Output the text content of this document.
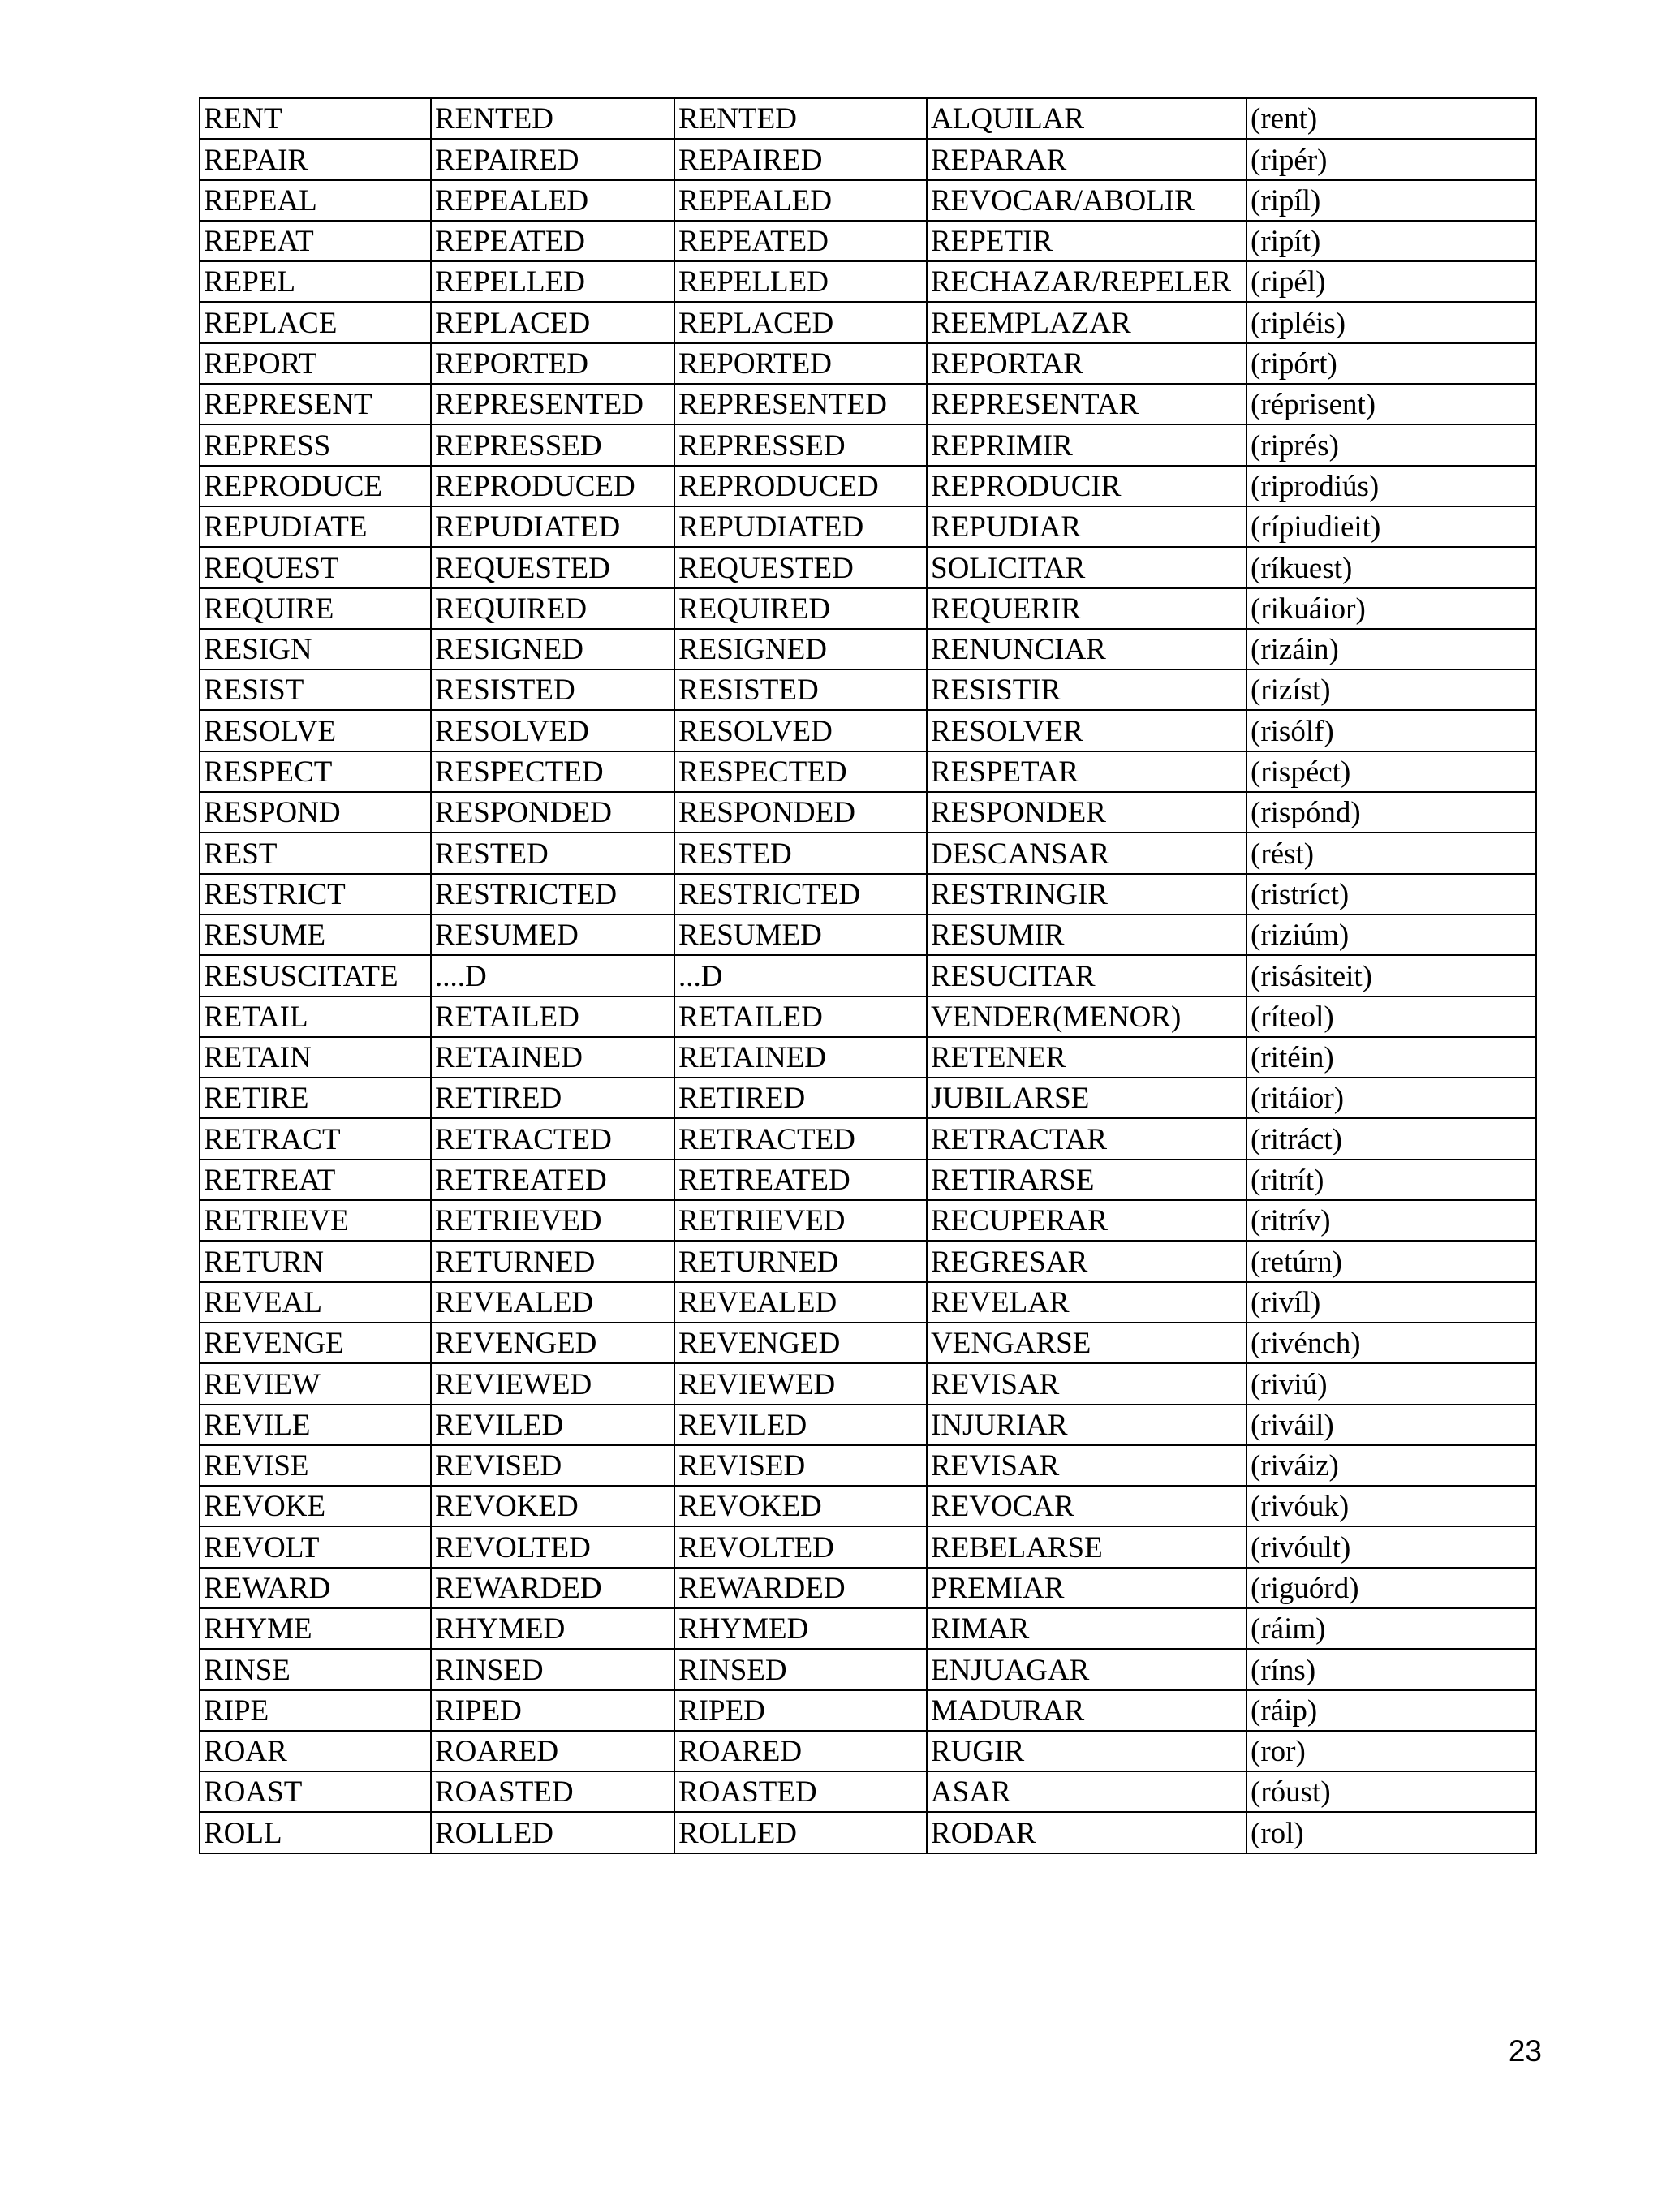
RENT	RENTED	RENTED	ALQUILAR	(rent)
REPAIR	REPAIRED	REPAIRED	REPARAR	(ripér)
REPEAL	REPEALED	REPEALED	REVOCAR/ABOLIR	(ripíl)
REPEAT	REPEATED	REPEATED	REPETIR	(ripít)
REPEL	REPELLED	REPELLED	RECHAZAR/REPELER	(ripél)
REPLACE	REPLACED	REPLACED	REEMPLAZAR	(ripléis)
REPORT	REPORTED	REPORTED	REPORTAR	(ripórt)
REPRESENT	REPRESENTED	REPRESENTED	REPRESENTAR	(réprisent)
REPRESS	REPRESSED	REPRESSED	REPRIMIR	(riprés)
REPRODUCE	REPRODUCED	REPRODUCED	REPRODUCIR	(riprodiús)
REPUDIATE	REPUDIATED	REPUDIATED	REPUDIAR	(rípiudieit)
REQUEST	REQUESTED	REQUESTED	SOLICITAR	(ríkuest)
REQUIRE	REQUIRED	REQUIRED	REQUERIR	(rikuáior)
RESIGN	RESIGNED	RESIGNED	RENUNCIAR	(rizáin)
RESIST	RESISTED	RESISTED	RESISTIR	(rizíst)
RESOLVE	RESOLVED	RESOLVED	RESOLVER	(risólf)
RESPECT	RESPECTED	RESPECTED	RESPETAR	(rispéct)
RESPOND	RESPONDED	RESPONDED	RESPONDER	(rispónd)
REST	RESTED	RESTED	DESCANSAR	(rést)
RESTRICT	RESTRICTED	RESTRICTED	RESTRINGIR	(ristríct)
RESUME	RESUMED	RESUMED	RESUMIR	(riziúm)
RESUSCITATE	....D	...D	RESUCITAR	(risásiteit)
RETAIL	RETAILED	RETAILED	VENDER(MENOR)	(ríteol)
RETAIN	RETAINED	RETAINED	RETENER	(ritéin)
RETIRE	RETIRED	RETIRED	JUBILARSE	(ritáior)
RETRACT	RETRACTED	RETRACTED	RETRACTAR	(ritráct)
RETREAT	RETREATED	RETREATED	RETIRARSE	(ritrít)
RETRIEVE	RETRIEVED	RETRIEVED	RECUPERAR	(ritrív)
RETURN	RETURNED	RETURNED	REGRESAR	(retúrn)
REVEAL	REVEALED	REVEALED	REVELAR	(rivíl)
REVENGE	REVENGED	REVENGED	VENGARSE	(rivénch)
REVIEW	REVIEWED	REVIEWED	REVISAR	(riviú)
REVILE	REVILED	REVILED	INJURIAR	(riváil)
REVISE	REVISED	REVISED	REVISAR	(riváiz)
REVOKE	REVOKED	REVOKED	REVOCAR	(rivóuk)
REVOLT	REVOLTED	REVOLTED	REBELARSE	(rivóult)
REWARD	REWARDED	REWARDED	PREMIAR	(riguórd)
RHYME	RHYMED	RHYMED	RIMAR	(ráim)
RINSE	RINSED	RINSED	ENJUAGAR	(ríns)
RIPE	RIPED	RIPED	MADURAR	(ráip)
ROAR	ROARED	ROARED	RUGIR	(ror)
ROAST	ROASTED	ROASTED	ASAR	(róust)
ROLL	ROLLED	ROLLED	RODAR	(rol)
23
